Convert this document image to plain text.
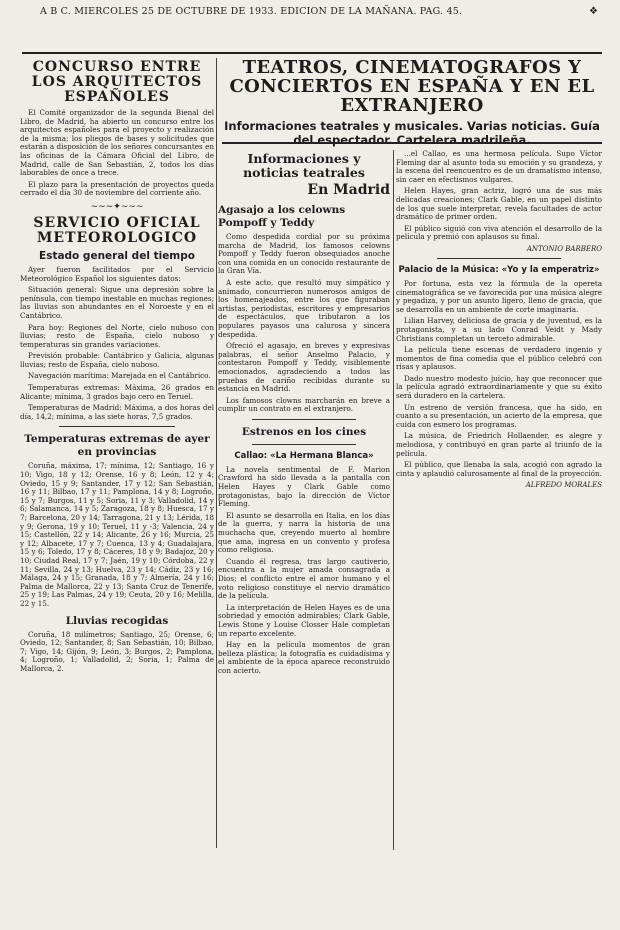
A B C. MIERCOLES 25 DE OCTUBRE DE 1933. EDICION DE LA MAÑANA. PAG. 45.	❖
CONCURSO ENTRE LOS ARQUITECTOS ESPAÑOLES

El Comité organizador de la segunda Bienal del Libro, de Madrid, ha abierto un concurso entre los arquitectos españoles para el proyecto y realización de la misma; los pliegos de bases y solicitudes que estarán a disposición de los señores concursantes en las oficinas de la Cámara Oficial del Libro, de Madrid, calle de San Sebastián, 2, todos los días laborables de once a trece.

El plazo para la presentación de proyectos queda cerrado el día 30 de noviembre del corriente año.

∼∼∼✦∼∼∼
SERVICIO OFICIAL METEOROLOGICO
Estado general del tiempo

Ayer fueron facilitados por el Servicio Meteorológico Español los siguientes datos:

Situación general: Sigue una depresión sobre la península, con tiempo inestable en muchas regiones; las lluvias son abundantes en el Noroeste y en el Cantábrico.

Para hoy: Regiones del Norte, cielo nuboso con lluvias; resto de España, cielo nuboso y temperaturas sin grandes variaciones.

Previsión probable: Cantábrico y Galicia, algunas lluvias; resto de España, cielo nuboso.

Navegación marítima: Marejada en el Cantábrico.

Temperaturas extremas: Máxima, 26 grados en Alicante; mínima, 3 grados bajo cero en Teruel.

Temperaturas de Madrid: Máxima, a dos horas del día, 14,2; mínima, a las siete horas, 7,5 grados.

Temperaturas extremas de ayer en provincias

Coruña, máxima, 17; mínima, 12; Santiago, 16 y 10; Vigo, 18 y 12; Orense, 16 y 8; León, 12 y 4; Oviedo, 15 y 9; Santander, 17 y 12; San Sebastián, 16 y 11; Bilbao, 17 y 11; Pamplona, 14 y 8; Logroño, 15 y 7; Burgos, 11 y 5; Soria, 11 y 3; Valladolid, 14 y 6; Salamanca, 14 y 5; Zaragoza, 18 y 8; Huesca, 17 y 7; Barcelona, 20 y 14; Tarragona, 21 y 13; Lérida, 18 y 9; Gerona, 19 y 10; Teruel, 11 y -3; Valencia, 24 y 15; Castellón, 22 y 14; Alicante, 26 y 16; Murcia, 25 y 12; Albacete, 17 y 7; Cuenca, 13 y 4; Guadalajara, 15 y 6; Toledo, 17 y 8; Cáceres, 18 y 9; Badajoz, 20 y 10; Ciudad Real, 17 y 7; Jaén, 19 y 10; Córdoba, 22 y 11; Sevilla, 24 y 13; Huelva, 23 y 14; Cádiz, 23 y 16; Málaga, 24 y 15; Granada, 18 y 7; Almería, 24 y 16; Palma de Mallorca, 22 y 13; Santa Cruz de Tenerife, 25 y 19; Las Palmas, 24 y 19; Ceuta, 20 y 16; Melilla, 22 y 15.

Lluvias recogidas

Coruña, 18 milímetros; Santiago, 25; Orense, 6; Oviedo, 12; Santander, 8; San Sebastián, 10; Bilbao, 7; Vigo, 14; Gijón, 9; León, 3; Burgos, 2; Pamplona, 4; Logroño, 1; Valladolid, 2; Soria, 1; Palma de Mallorca, 2.

TEATROS, CINEMATOGRAFOS Y CONCIERTOS EN ESPAÑA Y EN EL EXTRANJERO
Informaciones teatrales y musicales. Varias noticias. Guía del espectador. Cartelera madrileña.
Informaciones y noticias teatrales
En Madrid
Agasajo a los celowns Pompoff y Teddy

Como despedida cordial por su próxima marcha de Madrid, los famosos celowns Pompoff y Teddy fueron obsequiados anoche con una comida en un conocido restaurante de la Gran Vía.

A este acto, que resultó muy simpático y animado, concurrieron numerosos amigos de los homenajeados, entre los que figuraban artistas, periodistas, escritores y empresarios de espectáculos, que tributaron a los populares payasos una calurosa y sincera despedida.

Ofreció el agasajo, en breves y expresivas palabras, el señor Anselmo Palacio, y contestaron Pompoff y Teddy, visiblemente emocionados, agradeciendo a todos las pruebas de cariño recibidas durante su estancia en Madrid.

Los famosos clowns marcharán en breve a cumplir un contrato en el extranjero.

Estrenos en los cines
Callao: «La Hermana Blanca»

La novela sentimental de F. Marion Crawford ha sido llevada a la pantalla con Helen Hayes y Clark Gable como protagonistas, bajo la dirección de Víctor Fleming.

El asunto se desarrolla en Italia, en los días de la guerra, y narra la historia de una muchacha que, creyendo muerto al hombre que ama, ingresa en un convento y profesa como religiosa.

Cuando él regresa, tras largo cautiverio, encuentra a la mujer amada consagrada a Dios; el conflicto entre el amor humano y el voto religioso constituye el nervio dramático de la película.

La interpretación de Helen Hayes es de una sobriedad y emoción admirables; Clark Gable, Lewis Stone y Louise Closser Hale completan un reparto excelente.

Hay en la película momentos de gran belleza plástica; la fotografía es cuidadísima y el ambiente de la época aparece reconstruido con acierto.

...el Callao, es una hermosa película. Supo Víctor Fleming dar al asunto toda su emoción y su grandeza, y la escena del reencuentro es de un dramatismo intenso, sin caer en efectismos vulgares.

Helen Hayes, gran actriz, logró una de sus más delicadas creaciones; Clark Gable, en un papel distinto de los que suele interpretar, revela facultades de actor dramático de primer orden.

El público siguió con viva atención el desarrollo de la película y premió con aplausos su final.

ANTONIO BARBERO
Palacio de la Música: «Yo y la emperatriz»

Por fortuna, esta vez la fórmula de la opereta cinematográfica se ve favorecida por una música alegre y pegadiza, y por un asunto ligero, lleno de gracia, que se desarrolla en un ambiente de corte imaginaria.

Lilian Harvey, deliciosa de gracia y de juventud, es la protagonista, y a su lado Conrad Veidt y Mady Christians completan un terceto admirable.

La película tiene escenas de verdadero ingenio y momentos de fina comedia que el público celebró con risas y aplausos.

Dado nuestro modesto juicio, hay que reconocer que la película agradó extraordinariamente y que su éxito será duradero en la cartelera.

Un estreno de versión francesa, que ha sido, en cuanto a su presentación, un acierto de la empresa, que cuida con esmero los programas.

La música, de Friedrich Hollaender, es alegre y melodiosa, y contribuyó en gran parte al triunfo de la película.

El público, que llenaba la sala, acogió con agrado la cinta y aplaudió calurosamente al final de la proyección.

ALFREDO MORALES
